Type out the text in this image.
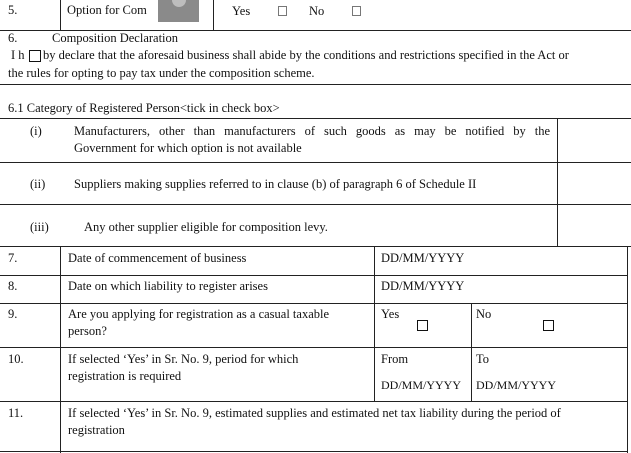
5.	Option for Com	Yes	No
6.	Composition Declaration
I h by declare that the aforesaid business shall abide by the conditions and restrictions specified in the Act or
the rules for opting to pay tax under the composition scheme.
6.1 Category of Registered Person<tick in check box>
(i)	Manufacturers, other than manufacturers of such goods as may be notified by the
Government for which option is not available
(ii) Suppliers making supplies referred to in clause (b) of paragraph 6 of Schedule II
(iii)	Any other supplier eligible for composition levy.
7.	Date of commencement of business	DD/MM/YYYY
8.	Date on which liability to register arises	DD/MM/YYYY
9.	Are you applying for registration as a casual taxable
person?
Yes	No
10.	If selected ‘Yes’ in Sr. No. 9, period for which
registration is required
From	To
DD/MM/YYYY DD/MM/YYYY
11.	If selected ‘Yes’ in Sr. No. 9, estimated supplies and estimated net tax liability during the period of
registration
